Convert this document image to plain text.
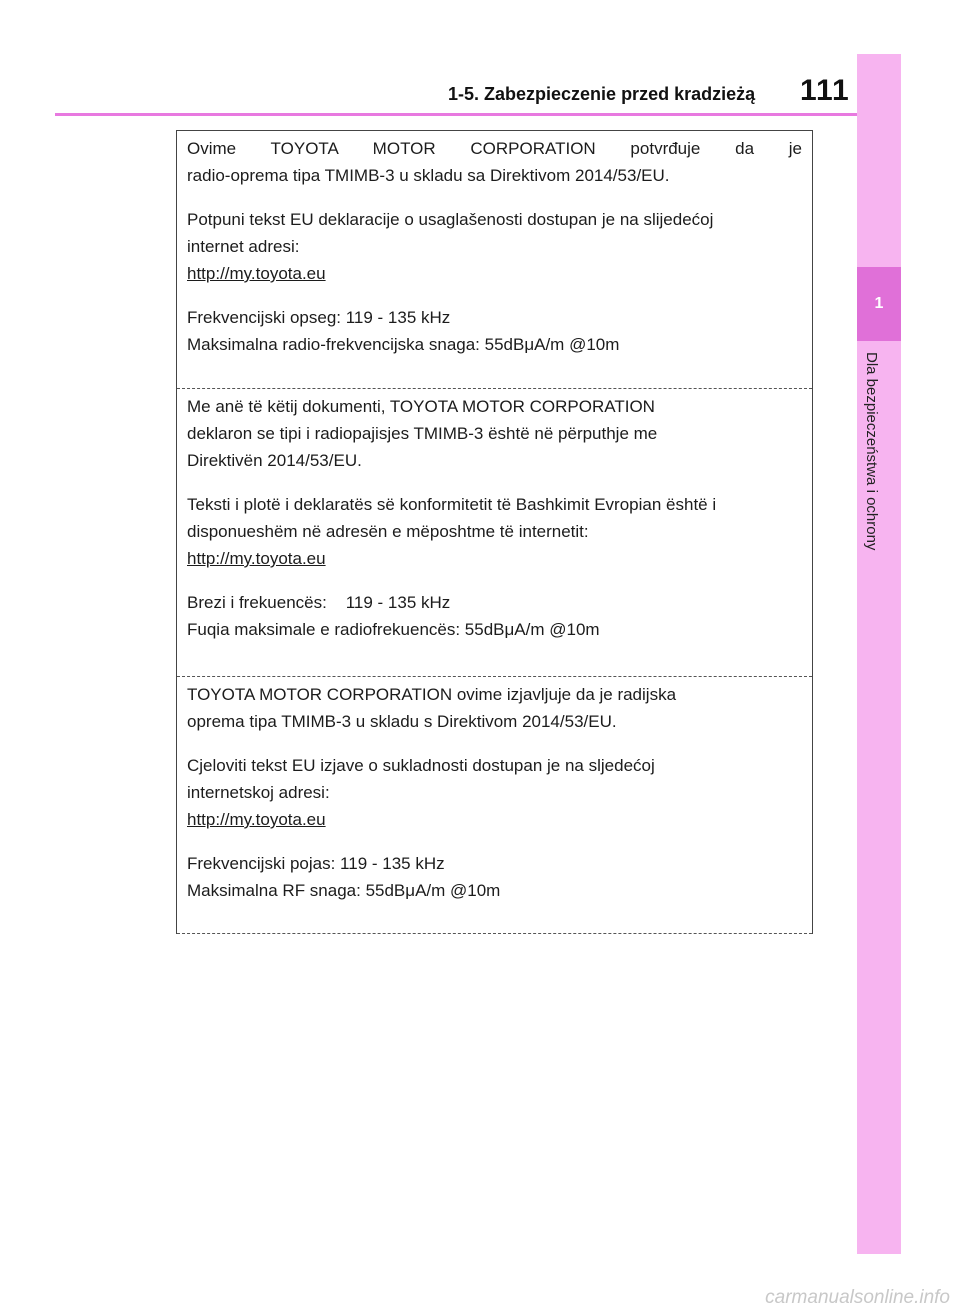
1-5. Zabezpieczenie przed kradzieżą 111
1
Dla bezpieczeństwa i ochrony

Ovime TOYOTA MOTOR CORPORATION potvrđuje da je

radio-oprema tipa TMIMB-3 u skladu sa Direktivom 2014/53/EU.

Potpuni tekst EU deklaracije o usaglašenosti dostupan je na slijedećoj

internet adresi:

http://my.toyota.eu

Frekvencijski opseg: 119 - 135 kHz

Maksimalna radio-frekvencijska snaga: 55dBμA/m @10m

Me anë të këtij dokumenti, TOYOTA MOTOR CORPORATION

deklaron se tipi i radiopajisjes TMIMB-3 është në përputhje me

Direktivën 2014/53/EU.

Teksti i plotë i deklaratës së konformitetit të Bashkimit Evropian është i

disponueshëm në adresën e mëposhtme të internetit:

http://my.toyota.eu

Brezi i frekuencës:    119 - 135 kHz

Fuqia maksimale e radiofrekuencës: 55dBμA/m @10m

TOYOTA MOTOR CORPORATION ovime izjavljuje da je radijska

oprema tipa TMIMB-3 u skladu s Direktivom 2014/53/EU.

Cjeloviti tekst EU izjave o sukladnosti dostupan je na sljedećoj

internetskoj adresi:

http://my.toyota.eu

Frekvencijski pojas: 119 - 135 kHz

Maksimalna RF snaga: 55dBμA/m @10m

carmanualsonline.info
